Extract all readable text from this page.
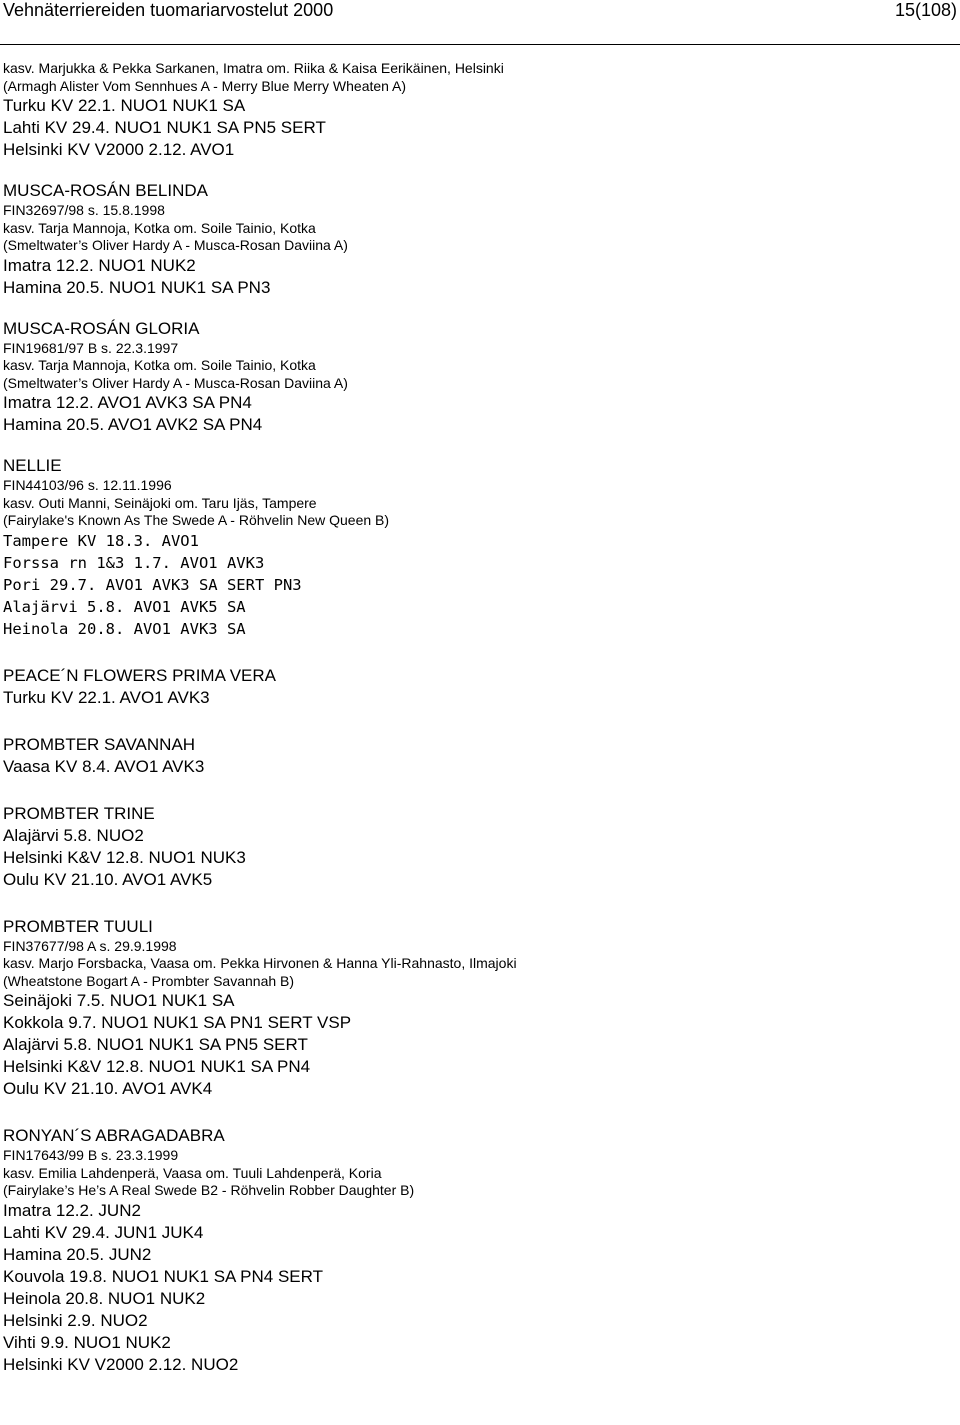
Vehnäterriereiden tuomariarvostelut 2000	15(108)
kasv. Marjukka & Pekka Sarkanen, Imatra om. Riika & Kaisa Eerikäinen, Helsinki
(Armagh Alister Vom Sennhues A - Merry Blue Merry Wheaten A)
Turku KV 22.1. NUO1 NUK1 SA
Lahti KV 29.4. NUO1 NUK1 SA PN5 SERT
Helsinki KV V2000 2.12. AVO1
MUSCA-ROSÁN BELINDA
FIN32697/98 s. 15.8.1998
kasv. Tarja Mannoja, Kotka om. Soile Tainio, Kotka
(Smeltwater’s Oliver Hardy A - Musca-Rosan Daviina A)
Imatra 12.2. NUO1 NUK2
Hamina 20.5. NUO1 NUK1 SA PN3
MUSCA-ROSÁN GLORIA
FIN19681/97 B s. 22.3.1997
kasv. Tarja Mannoja, Kotka om. Soile Tainio, Kotka
(Smeltwater’s Oliver Hardy A - Musca-Rosan Daviina A)
Imatra 12.2. AVO1 AVK3 SA PN4
Hamina 20.5. AVO1 AVK2 SA PN4
NELLIE
FIN44103/96 s. 12.11.1996
kasv. Outi Manni, Seinäjoki om. Taru Ijäs, Tampere
(Fairylake's Known As The Swede A - Röhvelin New Queen B)
Tampere KV 18.3. AVO1
Forssa rn 1&3 1.7. AVO1 AVK3
Pori 29.7. AVO1 AVK3 SA SERT PN3
Alajärvi 5.8. AVO1 AVK5 SA
Heinola 20.8. AVO1 AVK3 SA
PEACE´N FLOWERS PRIMA VERA
Turku KV 22.1. AVO1 AVK3
PROMBTER SAVANNAH
Vaasa KV 8.4. AVO1 AVK3
PROMBTER TRINE
Alajärvi 5.8. NUO2
Helsinki K&V 12.8. NUO1 NUK3
Oulu KV 21.10. AVO1 AVK5
PROMBTER TUULI
FIN37677/98 A s. 29.9.1998
kasv. Marjo Forsbacka, Vaasa om. Pekka Hirvonen & Hanna Yli-Rahnasto, Ilmajoki
(Wheatstone Bogart A - Prombter Savannah B)
Seinäjoki 7.5. NUO1 NUK1 SA
Kokkola 9.7. NUO1 NUK1 SA PN1 SERT VSP
Alajärvi 5.8. NUO1 NUK1 SA PN5 SERT
Helsinki K&V 12.8. NUO1 NUK1 SA PN4
Oulu KV 21.10. AVO1 AVK4
RONYAN´S ABRAGADABRA
FIN17643/99 B s. 23.3.1999
kasv. Emilia Lahdenperä, Vaasa om. Tuuli Lahdenperä, Koria
(Fairylake’s He’s A Real Swede B2 - Röhvelin Robber Daughter B)
Imatra 12.2. JUN2
Lahti KV 29.4. JUN1 JUK4
Hamina 20.5. JUN2
Kouvola 19.8. NUO1 NUK1 SA PN4 SERT
Heinola 20.8. NUO1 NUK2
Helsinki 2.9. NUO2
Vihti 9.9. NUO1 NUK2
Helsinki KV V2000 2.12. NUO2
